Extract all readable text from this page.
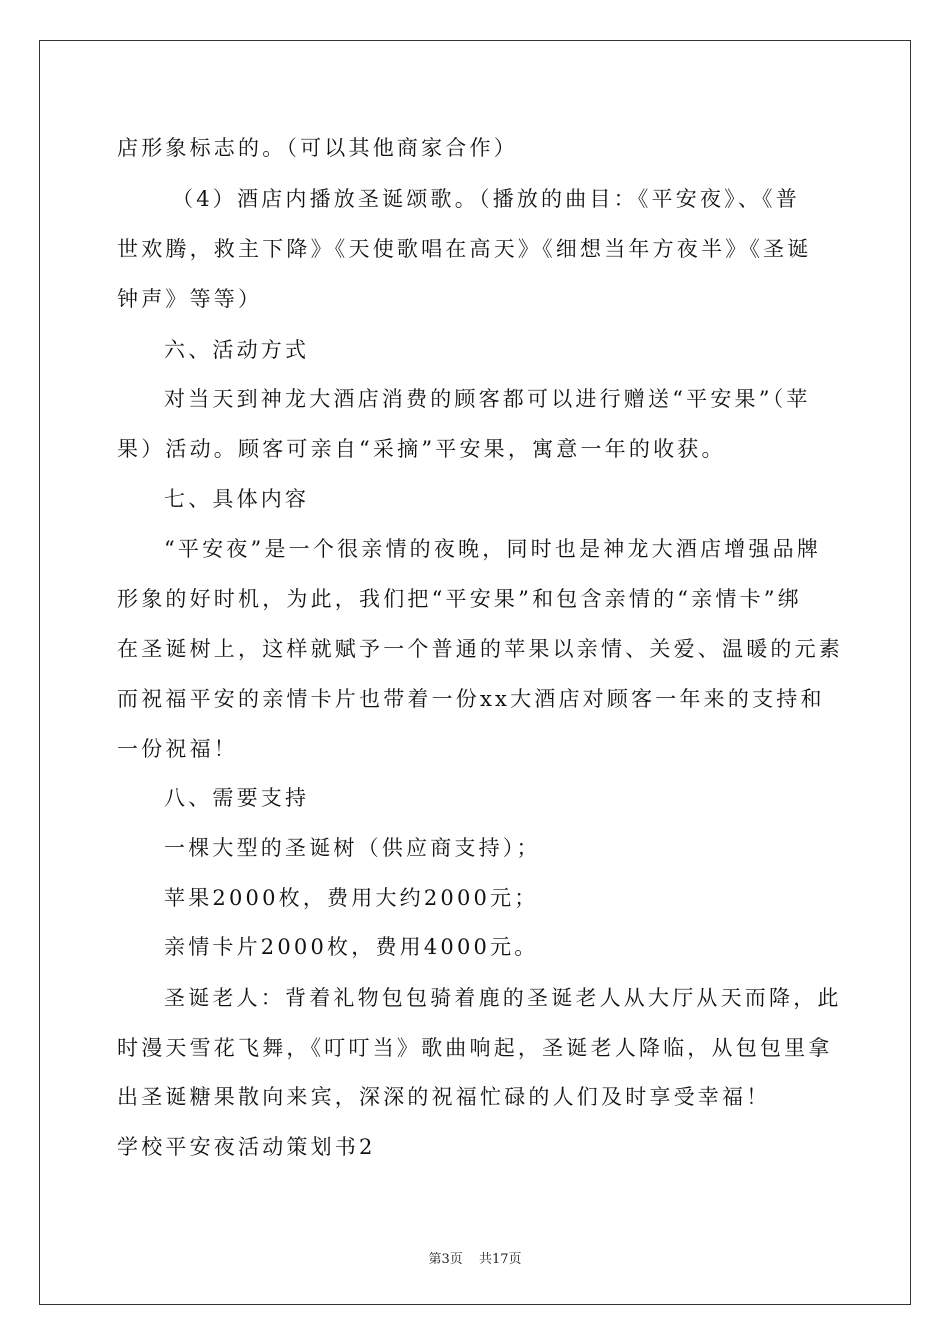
店形象标志的。（可以其他商家合作）
（4）酒店内播放圣诞颂歌。（播放的曲目：《平安夜》、《普
世欢腾，救主下降》《天使歌唱在高天》《细想当年方夜半》《圣诞
钟声》等等）
六、活动方式
对当天到神龙大酒店消费的顾客都可以进行赠送“平安果”（苹
果）活动。顾客可亲自“采摘”平安果，寓意一年的收获。
七、具体内容
“平安夜”是一个很亲情的夜晚，同时也是神龙大酒店增强品牌
形象的好时机，为此，我们把“平安果”和包含亲情的“亲情卡”绑
在圣诞树上，这样就赋予一个普通的苹果以亲情、关爱、温暖的元素
而祝福平安的亲情卡片也带着一份xx大酒店对顾客一年来的支持和
一份祝福！
八、需要支持
一棵大型的圣诞树（供应商支持）；
苹果2000枚，费用大约2000元；
亲情卡片2000枚，费用4000元。
圣诞老人：背着礼物包包骑着鹿的圣诞老人从大厅从天而降，此
时漫天雪花飞舞，《叮叮当》歌曲响起，圣诞老人降临，从包包里拿
出圣诞糖果散向来宾，深深的祝福忙碌的人们及时享受幸福！
学校平安夜活动策划书2
第3页 共17页
